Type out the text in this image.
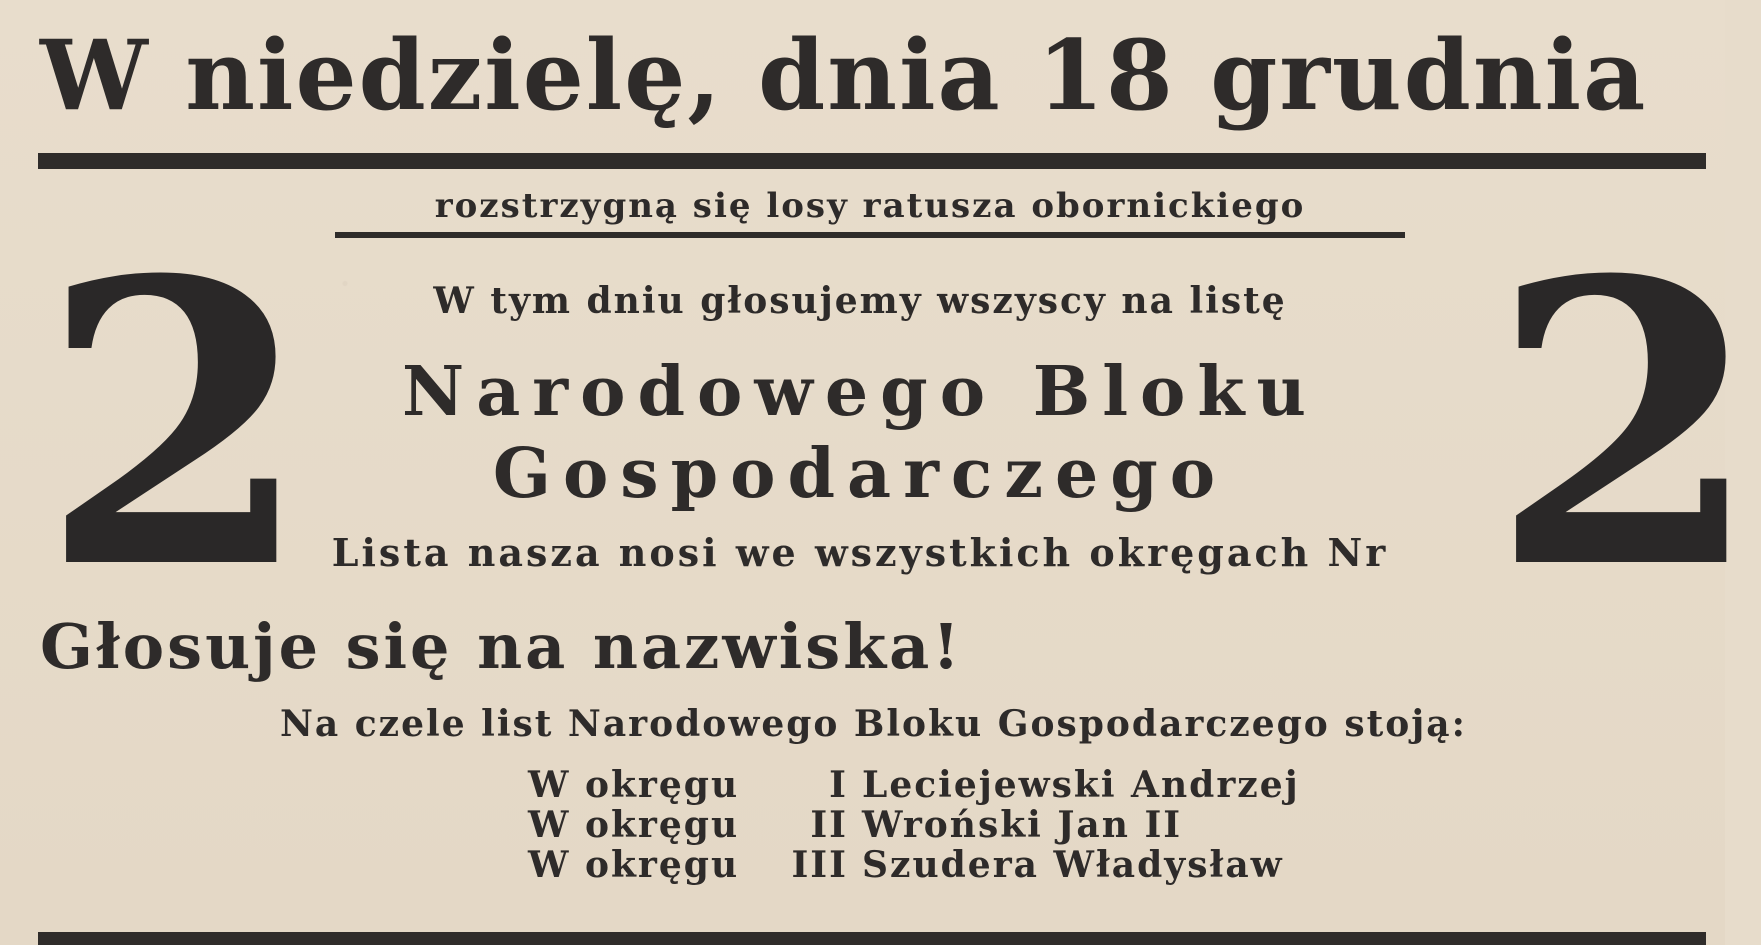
W niedzielę, dnia 18 grudnia
rozstrzygną się losy ratusza obornickiego
2	2
W tym dniu głosujemy wszyscy na listę
Narodowego Bloku
Gospodarczego
Lista nasza nosi we wszystkich okręgach Nr
Głosuje się na nazwiska!
Na czele list Narodowego Bloku Gospodarczego stoją:
W okręgu	I Leciejewski Andrzej
W okręgu	II Wroński Jan II
W okręgu	III Szudera Władysław
